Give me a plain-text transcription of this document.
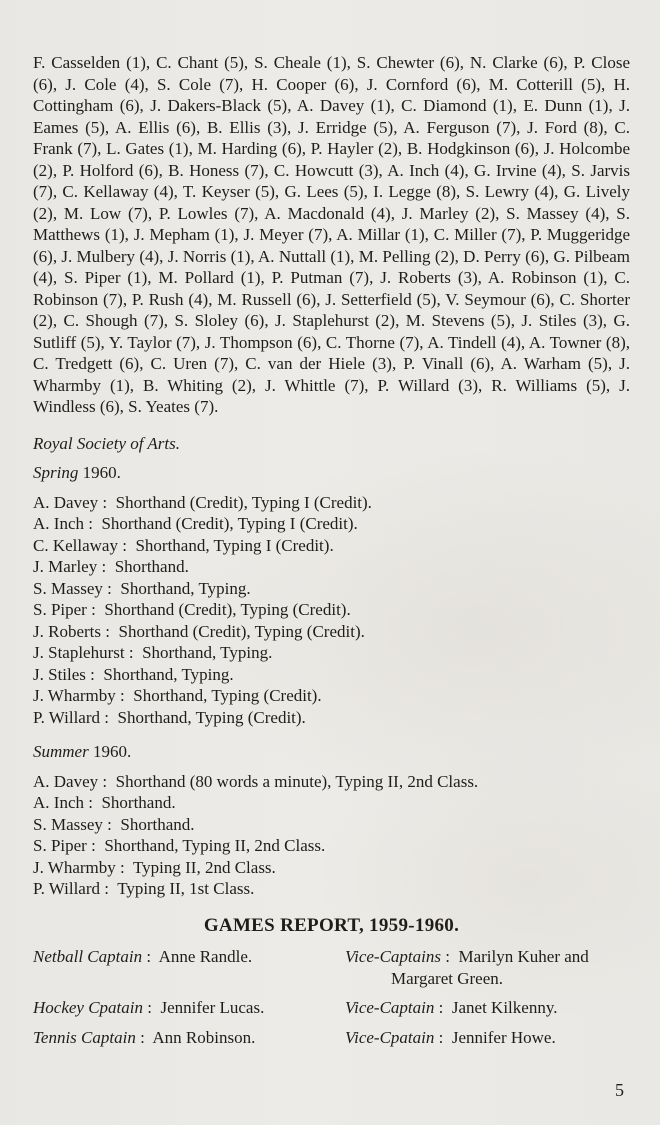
F. Casselden (1), C. Chant (5), S. Cheale (1), S. Chewter (6), N. Clarke (6), P. Close (6), J. Cole (4), S. Cole (7), H. Cooper (6), J. Cornford (6), M. Cotterill (5), H. Cottingham (6), J. Dakers-Black (5), A. Davey (1), C. Diamond (1), E. Dunn (1), J. Eames (5), A. Ellis (6), B. Ellis (3), J. Erridge (5), A. Ferguson (7), J. Ford (8), C. Frank (7), L. Gates (1), M. Harding (6), P. Hayler (2), B. Hodgkinson (6), J. Holcombe (2), P. Holford (6), B. Honess (7), C. Howcutt (3), A. Inch (4), G. Irvine (4), S. Jarvis (7), C. Kellaway (4), T. Keyser (5), G. Lees (5), I. Legge (8), S. Lewry (4), G. Lively (2), M. Low (7), P. Lowles (7), A. Macdonald (4), J. Marley (2), S. Massey (4), S. Matthews (1), J. Mepham (1), J. Meyer (7), A. Millar (1), C. Miller (7), P. Muggeridge (6), J. Mulbery (4), J. Norris (1), A. Nuttall (1), M. Pelling (2), D. Perry (6), G. Pilbeam (4), S. Piper (1), M. Pollard (1), P. Putman (7), J. Roberts (3), A. Robinson (1), C. Robinson (7), P. Rush (4), M. Russell (6), J. Setterfield (5), V. Seymour (6), C. Shorter (2), C. Shough (7), S. Sloley (6), J. Staplehurst (2), M. Stevens (5), J. Stiles (3), G. Sutliff (5), Y. Taylor (7), J. Thompson (6), C. Thorne (7), A. Tindell (4), A. Towner (8), C. Tredgett (6), C. Uren (7), C. van der Hiele (3), P. Vinall (6), A. Warham (5), J. Wharmby (1), B. Whiting (2), J. Whittle (7), P. Willard (3), R. Williams (5), J. Windless (6), S. Yeates (7).

Royal Society of Arts.

Spring 1960.

A. Davey :  Shorthand (Credit), Typing I (Credit).
A. Inch :  Shorthand (Credit), Typing I (Credit).
C. Kellaway :  Shorthand, Typing I (Credit).
J. Marley :  Shorthand.
S. Massey :  Shorthand, Typing.
S. Piper :  Shorthand (Credit), Typing (Credit).
J. Roberts :  Shorthand (Credit), Typing (Credit).
J. Staplehurst :  Shorthand, Typing.
J. Stiles :  Shorthand, Typing.
J. Wharmby :  Shorthand, Typing (Credit).
P. Willard :  Shorthand, Typing (Credit).

Summer 1960.

A. Davey :  Shorthand (80 words a minute), Typing II, 2nd Class.
A. Inch :  Shorthand.
S. Massey :  Shorthand.
S. Piper :  Shorthand, Typing II, 2nd Class.
J. Wharmby :  Typing II, 2nd Class.
P. Willard :  Typing II, 1st Class.

GAMES REPORT, 1959-1960.

Netball Captain :  Anne Randle.	Vice-Captains :  Marilyn Kuher and Margaret Green.
Hockey Cpatain :  Jennifer Lucas.	Vice-Captain :  Janet Kilkenny.
Tennis Captain :  Ann Robinson.	Vice-Cpatain :  Jennifer Howe.
5
